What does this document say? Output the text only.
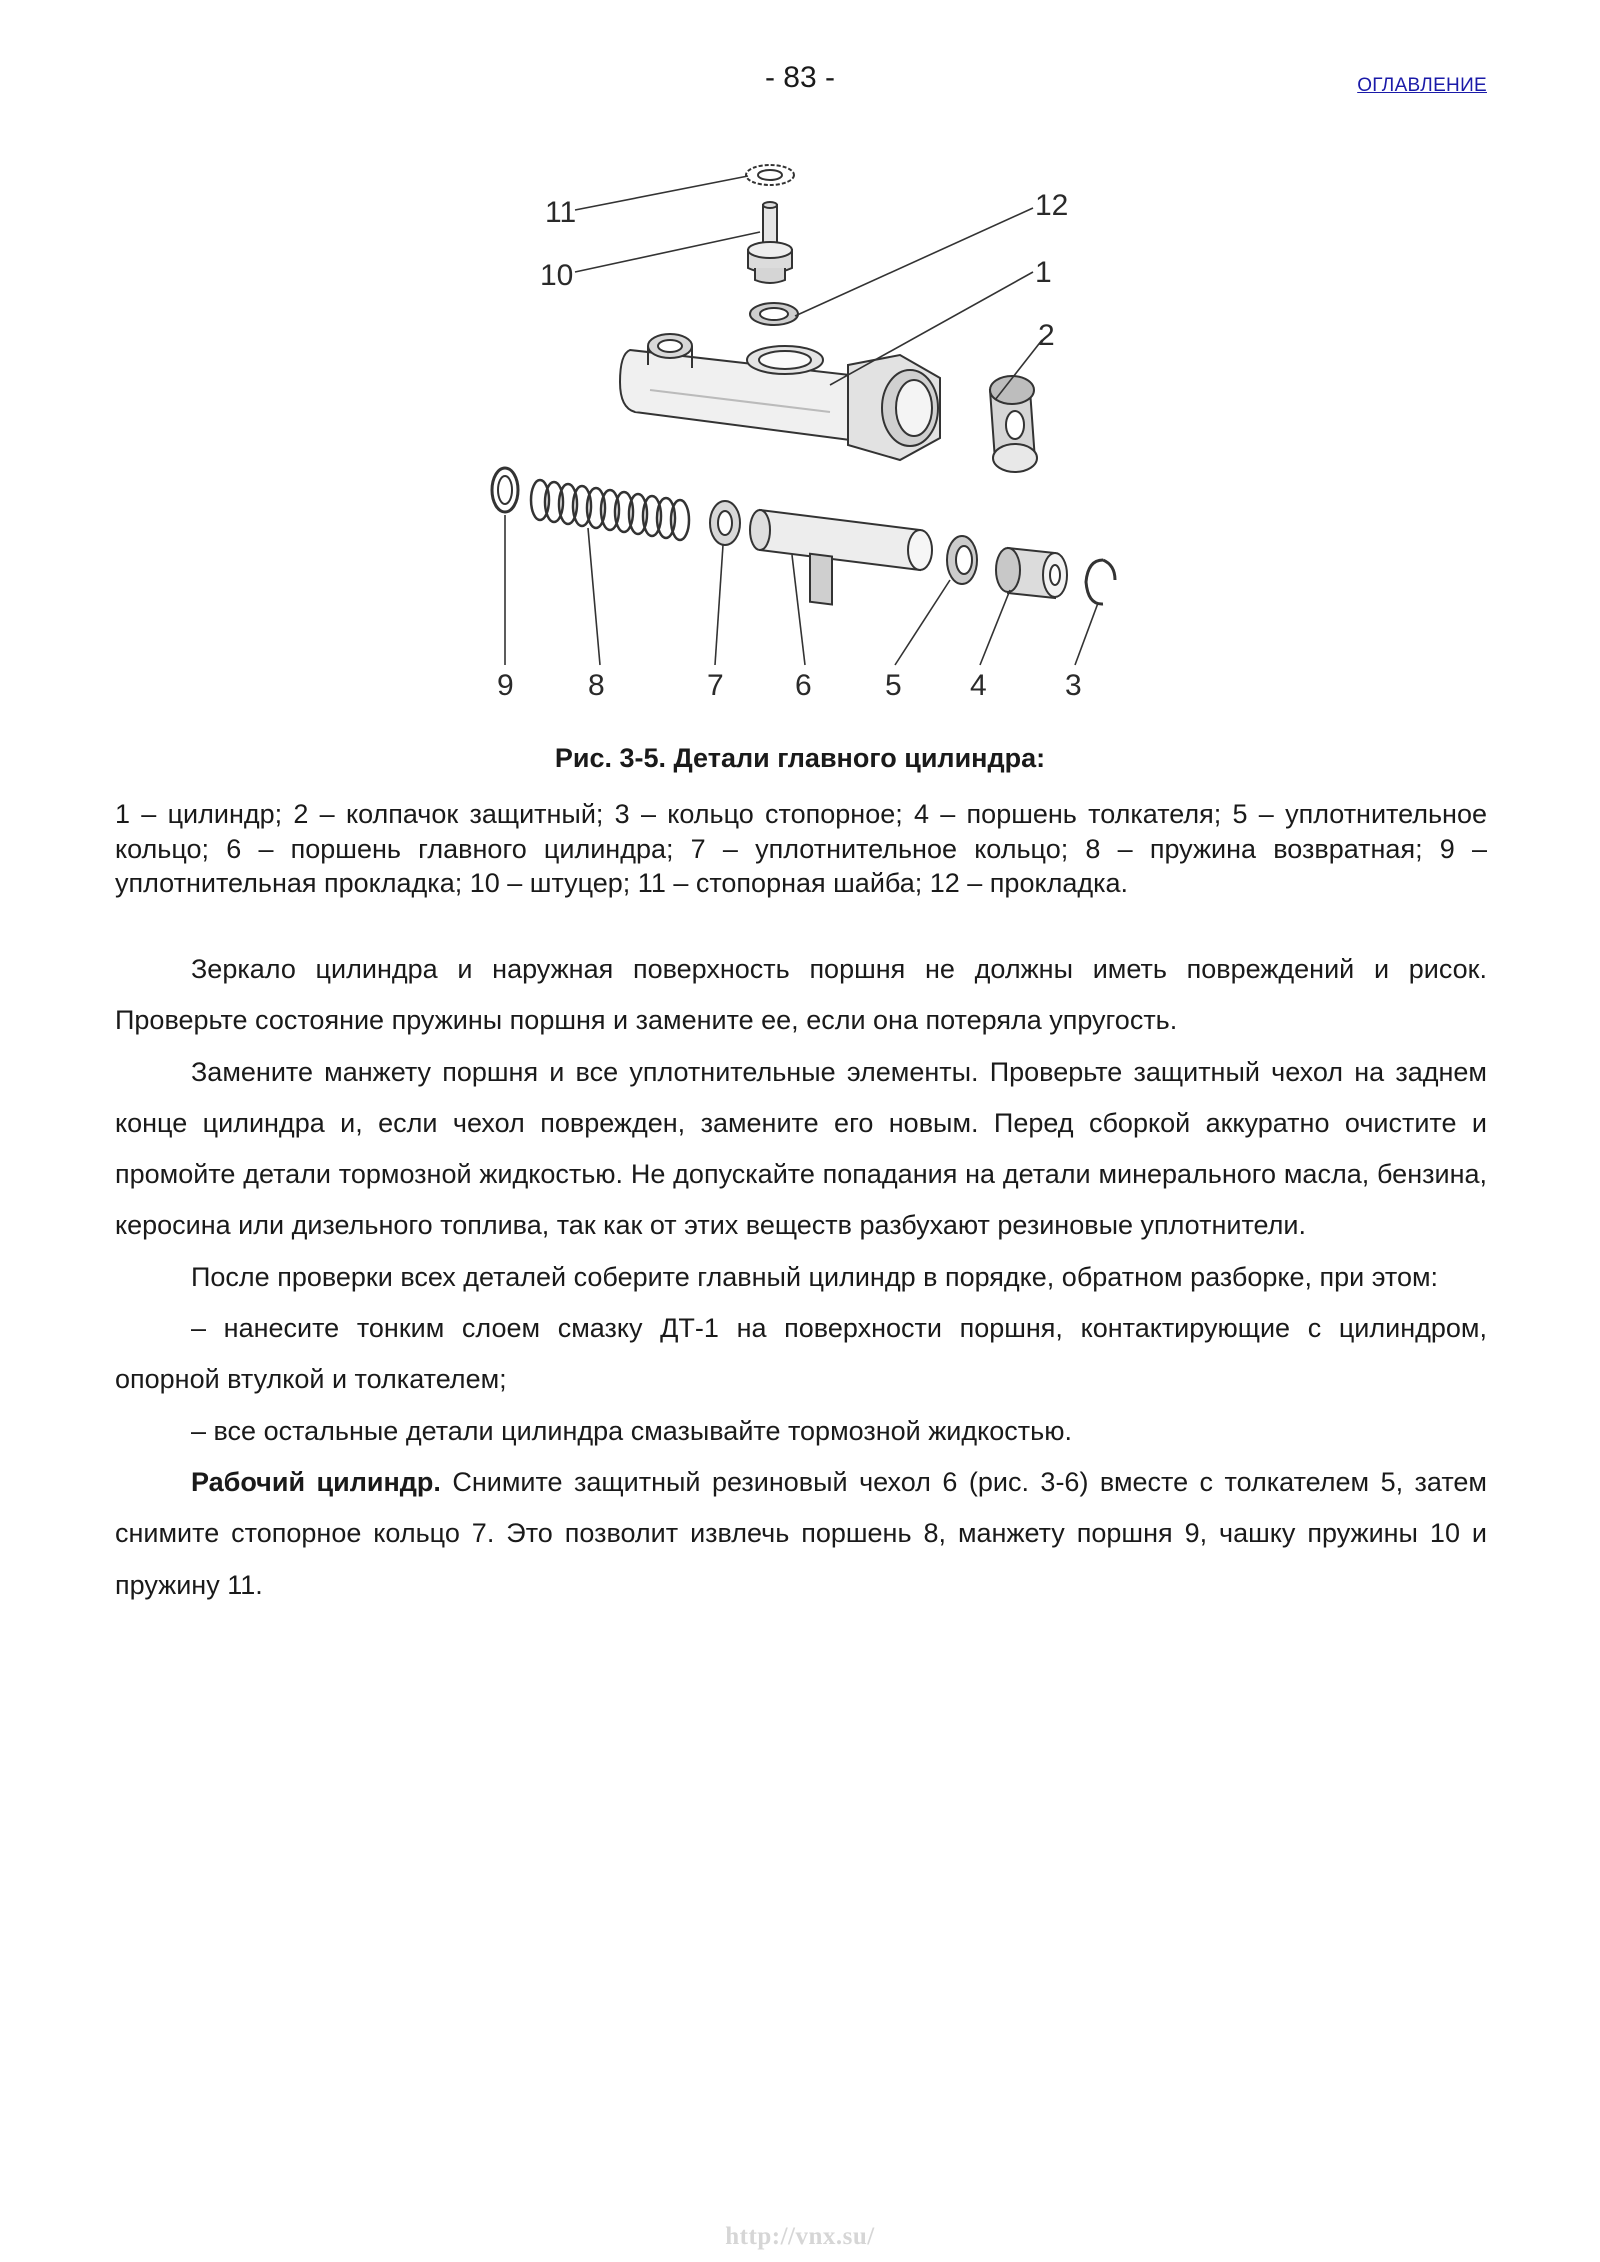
- 83 -	ОГЛАВЛЕНИЕ
11
10
12
1
2
9 8	7 6 5 4	3
Рис. 3-5. Детали главного цилиндра:

1 – цилиндр; 2 – колпачок защитный; 3 – кольцо стопорное; 4 – поршень толкателя; 5 – уплотнительное кольцо; 6 – поршень главного цилиндра; 7 – уплотнительное кольцо; 8 – пружина возвратная; 9 – уплотнительная прокладка; 10 – штуцер; 11 – стопорная шайба; 12 – прокладка.

Зеркало цилиндра и наружная поверхность поршня не должны иметь повреждений и рисок. Проверьте состояние пружины поршня и замените ее, если она потеряла упругость.

Замените манжету поршня и все уплотнительные элементы. Проверьте защитный чехол на заднем конце цилиндра и, если чехол поврежден, замените его новым. Перед сборкой аккуратно очистите и промойте детали тормозной жидкостью. Не допускайте попадания на детали минерального масла, бензина, керосина или дизельного топлива, так как от этих веществ разбухают резиновые уплотнители.

После проверки всех деталей соберите главный цилиндр в порядке, обратном разборке, при этом:

– нанесите тонким слоем смазку ДТ-1 на поверхности поршня, контактирующие с цилиндром, опорной втулкой и толкателем;

– все остальные детали цилиндра смазывайте тормозной жидкостью.

Рабочий цилиндр. Снимите защитный резиновый чехол 6 (рис. 3-6) вместе с толкателем 5, затем снимите стопорное кольцо 7. Это позволит извлечь поршень 8, манжету поршня 9, чашку пружины 10 и пружину 11.

http://vnx.su/
